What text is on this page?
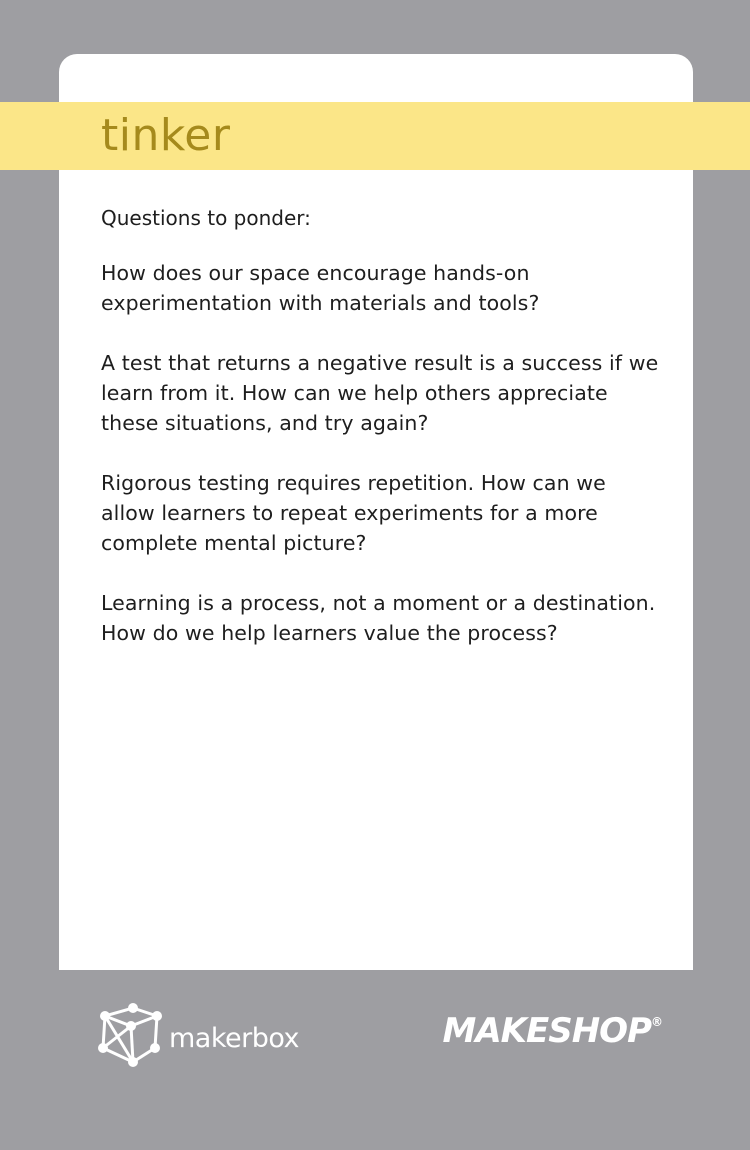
tinker

Questions to ponder:

How does our space encourage hands-on experimentation with materials and tools?

A test that returns a negative result is a success if we learn from it. How can we help others appreciate these situations, and try again?

Rigorous testing requires repetition. How can we allow learners to repeat experiments for a more complete mental picture?

Learning is a process, not a moment or a destination. How do we help learners value the process?

makerbox	MAKESHOP®
